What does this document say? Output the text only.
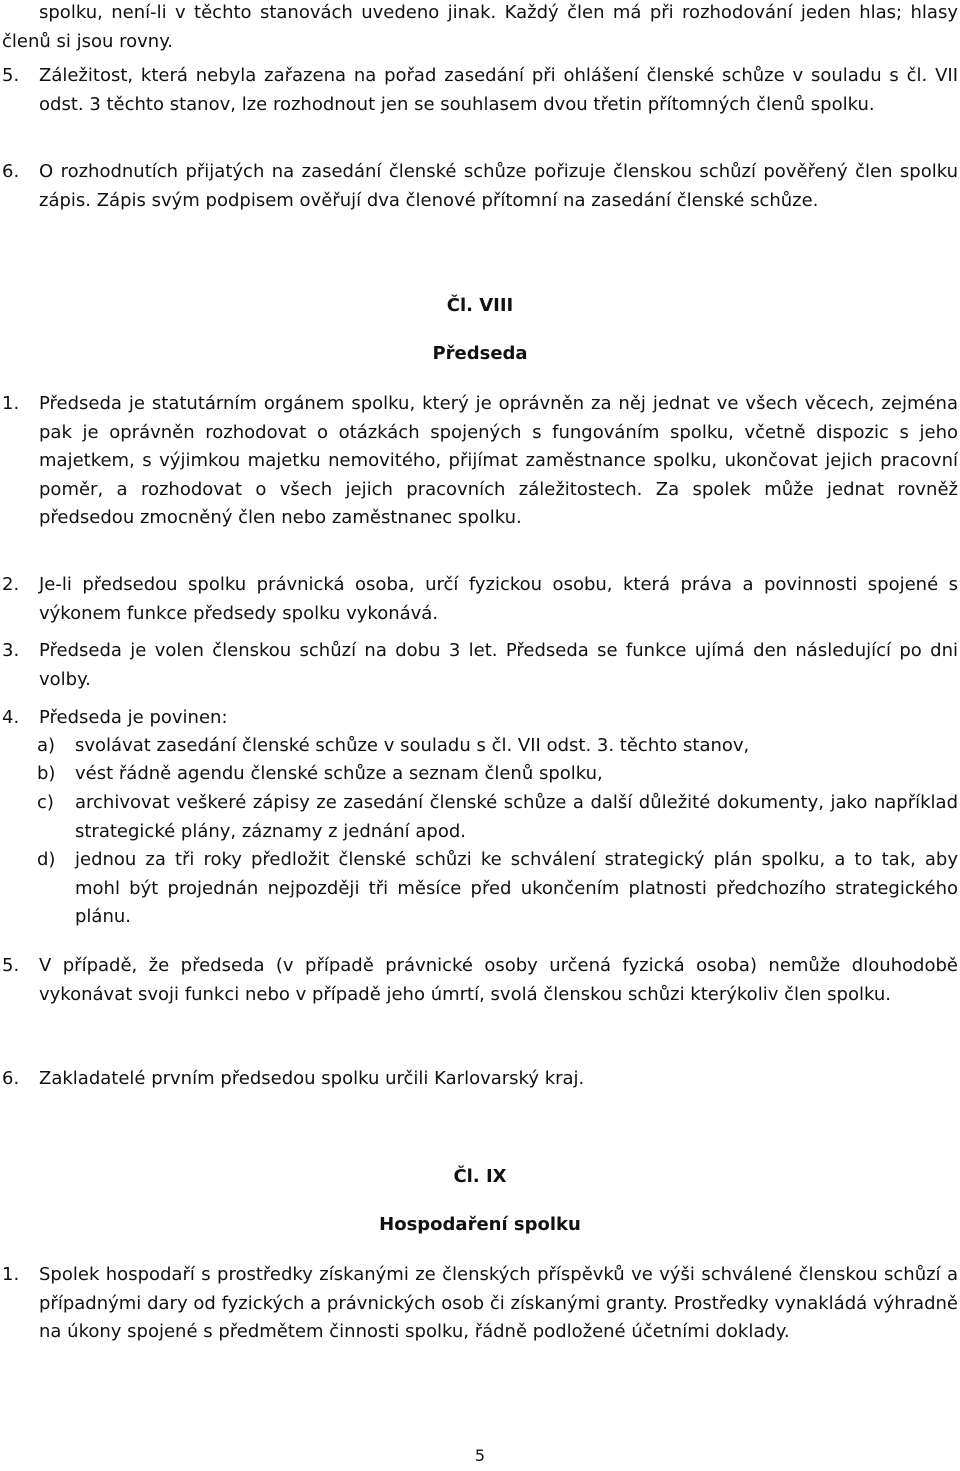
spolku, není-li v těchto stanovách uvedeno jinak. Každý člen má při rozhodování jeden hlas; hlasy členů si jsou rovny.

5.	Záležitost, která nebyla zařazena na pořad zasedání při ohlášení členské schůze v souladu s čl. VII odst. 3 těchto stanov, lze rozhodnout jen se souhlasem dvou třetin přítomných členů spolku.
6.	O rozhodnutích přijatých na zasedání členské schůze pořizuje členskou schůzí pověřený člen spolku zápis. Zápis svým podpisem ověřují dva členové přítomní na zasedání členské schůze.

Čl. VIII

Předseda

1.	Předseda je statutárním orgánem spolku, který je oprávněn za něj jednat ve všech věcech, zejména pak je oprávněn rozhodovat o otázkách spojených s fungováním spolku, včetně dispozic s jeho majetkem, s výjimkou majetku nemovitého, přijímat zaměstnance spolku, ukončovat jejich pracovní poměr, a rozhodovat o všech jejich pracovních záležitostech. Za spolek může jednat rovněž předsedou zmocněný člen nebo zaměstnanec spolku.
2.	Je-li předsedou spolku právnická osoba, určí fyzickou osobu, která práva a povinnosti spojené s výkonem funkce předsedy spolku vykonává.
3.	Předseda je volen členskou schůzí na dobu 3 let. Předseda se funkce ujímá den následující po dni volby.
4.	Předseda je povinen:
a)	svolávat zasedání členské schůze v souladu s čl. VII odst. 3. těchto stanov,
b)	vést řádně agendu členské schůze a seznam členů spolku,
c)	archivovat veškeré zápisy ze zasedání členské schůze a další důležité dokumenty, jako například strategické plány, záznamy z jednání apod.
d)	jednou za tři roky předložit členské schůzi ke schválení strategický plán spolku, a to tak, aby mohl být projednán nejpozději tři měsíce před ukončením platnosti předchozího strategického plánu.
5.	V případě, že předseda (v případě právnické osoby určená fyzická osoba) nemůže dlouhodobě vykonávat svoji funkci nebo v případě jeho úmrtí, svolá členskou schůzi kterýkoliv člen spolku.
6.	Zakladatelé prvním předsedou spolku určili Karlovarský kraj.

Čl. IX

Hospodaření spolku

1.	Spolek hospodaří s prostředky získanými ze členských příspěvků ve výši schválené členskou schůzí a případnými dary od fyzických a právnických osob či získanými granty. Prostředky vynakládá výhradně na úkony spojené s předmětem činnosti spolku, řádně podložené účetními doklady.
5
